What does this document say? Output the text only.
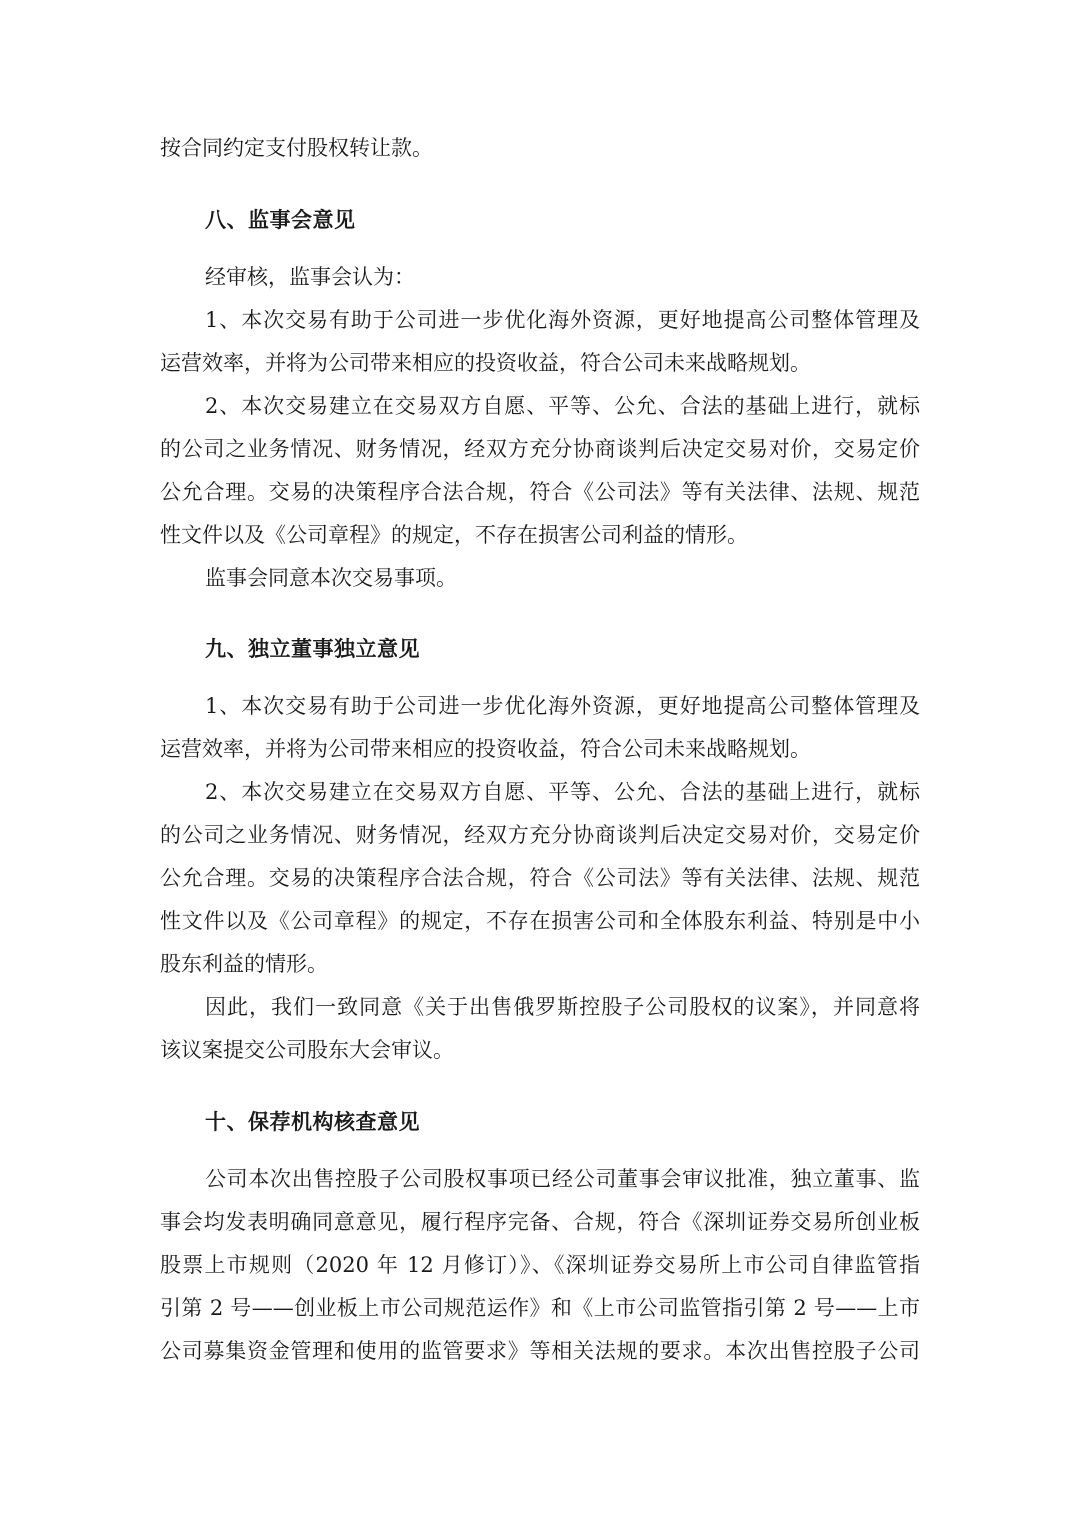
按合同约定支付股权转让款。
八、监事会意见
经审核，监事会认为：
1、本次交易有助于公司进一步优化海外资源，更好地提高公司整体管理及
运营效率，并将为公司带来相应的投资收益，符合公司未来战略规划。
2、本次交易建立在交易双方自愿、平等、公允、合法的基础上进行，就标
的公司之业务情况、财务情况，经双方充分协商谈判后决定交易对价，交易定价
公允合理。交易的决策程序合法合规，符合《公司法》等有关法律、法规、规范
性文件以及《公司章程》的规定，不存在损害公司利益的情形。
监事会同意本次交易事项。
九、独立董事独立意见
1、本次交易有助于公司进一步优化海外资源，更好地提高公司整体管理及
运营效率，并将为公司带来相应的投资收益，符合公司未来战略规划。
2、本次交易建立在交易双方自愿、平等、公允、合法的基础上进行，就标
的公司之业务情况、财务情况，经双方充分协商谈判后决定交易对价，交易定价
公允合理。交易的决策程序合法合规，符合《公司法》等有关法律、法规、规范
性文件以及《公司章程》的规定，不存在损害公司和全体股东利益、特别是中小
股东利益的情形。
因此，我们一致同意《关于出售俄罗斯控股子公司股权的议案》，并同意将
该议案提交公司股东大会审议。
十、保荐机构核查意见
公司本次出售控股子公司股权事项已经公司董事会审议批准，独立董事、监
事会均发表明确同意意见，履行程序完备、合规，符合《深圳证券交易所创业板
股票上市规则（2020 年 12 月修订）》、《深圳证券交易所上市公司自律监管指
引第 2 号——创业板上市公司规范运作》和《上市公司监管指引第 2 号——上市
公司募集资金管理和使用的监管要求》等相关法规的要求。本次出售控股子公司
